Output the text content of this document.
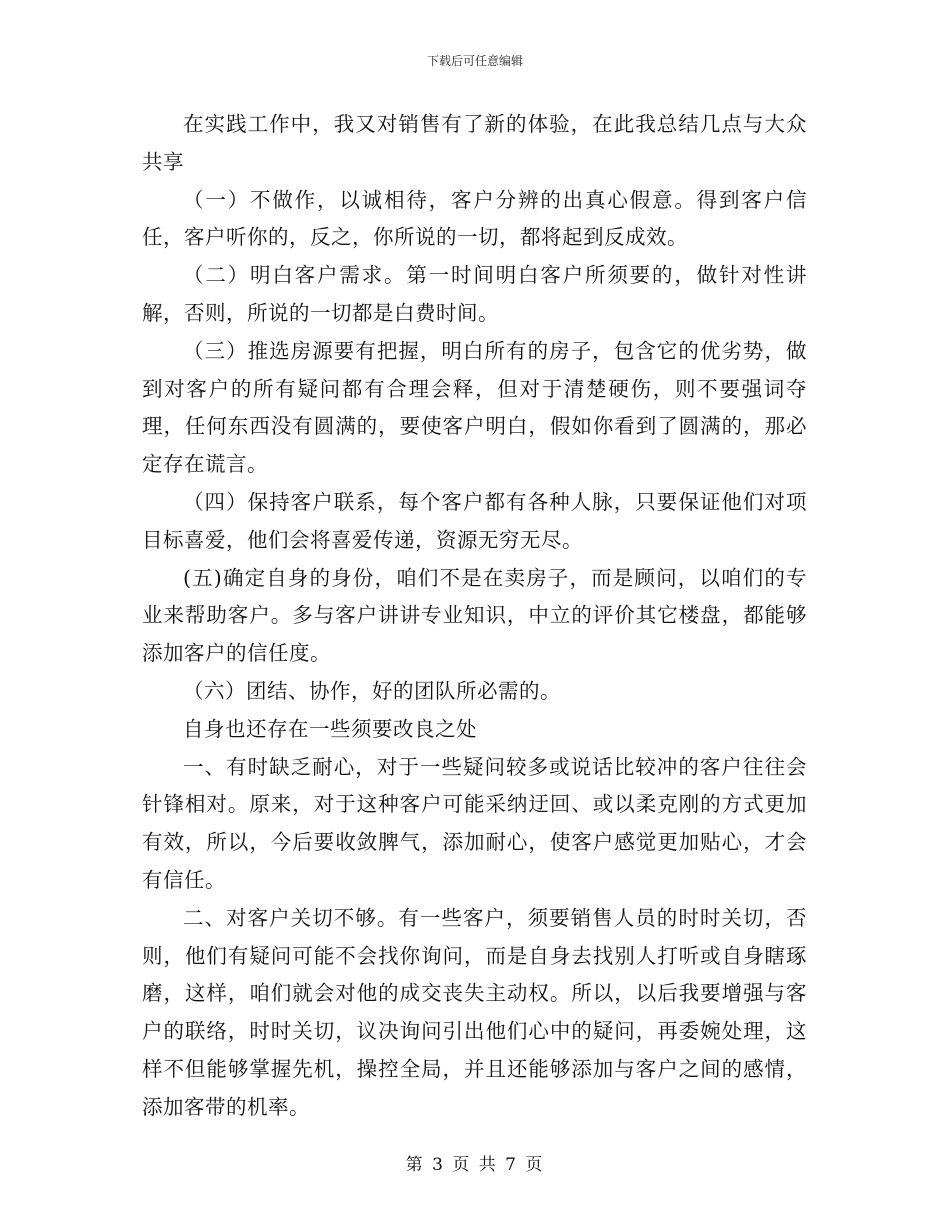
下载后可任意编辑

在实践工作中，我又对销售有了新的体验，在此我总结几点与大众共享

（一）不做作，以诚相待，客户分辨的出真心假意。得到客户信任，客户听你的，反之，你所说的一切，都将起到反成效。

（二）明白客户需求。第一时间明白客户所须要的，做针对性讲解，否则，所说的一切都是白费时间。

（三）推选房源要有把握，明白所有的房子，包含它的优劣势，做到对客户的所有疑问都有合理会释，但对于清楚硬伤，则不要强词夺理，任何东西没有圆满的，要使客户明白，假如你看到了圆满的，那必定存在谎言。

（四）保持客户联系，每个客户都有各种人脉，只要保证他们对项目标喜爱，他们会将喜爱传递，资源无穷无尽。

(五)确定自身的身份，咱们不是在卖房子，而是顾问，以咱们的专业来帮助客户。多与客户讲讲专业知识，中立的评价其它楼盘，都能够添加客户的信任度。

（六）团结、协作，好的团队所必需的。

自身也还存在一些须要改良之处

一、有时缺乏耐心，对于一些疑问较多或说话比较冲的客户往往会针锋相对。原来，对于这种客户可能采纳迂回、或以柔克刚的方式更加有效，所以，今后要收敛脾气，添加耐心，使客户感觉更加贴心，才会有信任。

二、对客户关切不够。有一些客户，须要销售人员的时时关切，否则，他们有疑问可能不会找你询问，而是自身去找别人打听或自身瞎琢磨，这样，咱们就会对他的成交丧失主动权。所以，以后我要增强与客户的联络，时时关切，议决询问引出他们心中的疑问，再委婉处理，这样不但能够掌握先机，操控全局，并且还能够添加与客户之间的感情，添加客带的机率。

第 3 页 共 7 页
